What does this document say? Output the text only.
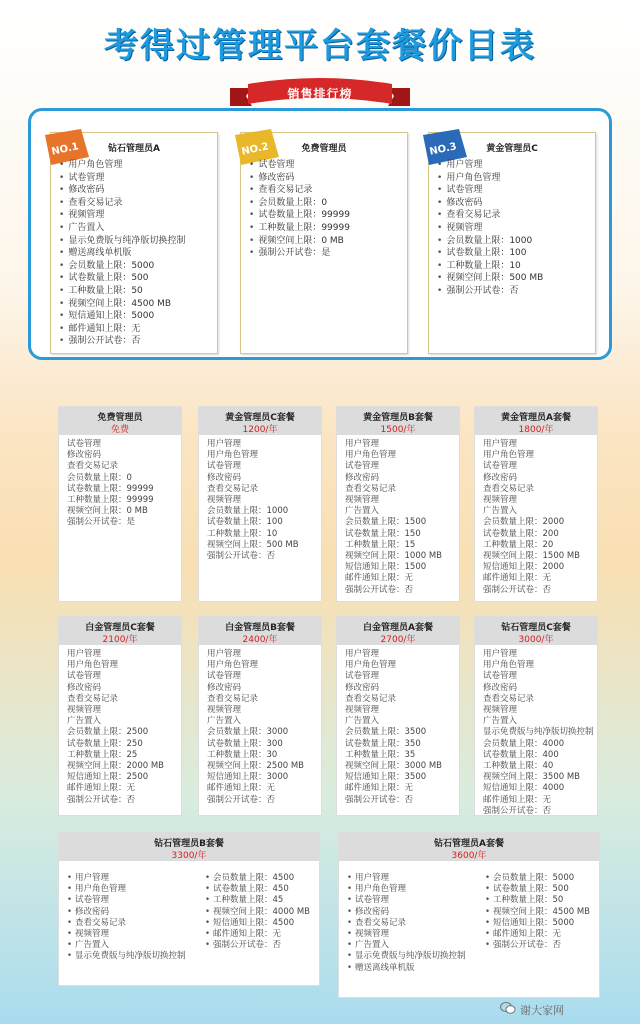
考得过管理平台套餐价目表
销售排行榜
NO.1	钻石管理员A
• 用户角色管理
• 试卷管理
• 修改密码
• 查看交易记录
• 视频管理
• 广告置入
• 显示免费版与纯净版切换控制
• 赠送离线单机版
• 会员数量上限：5000
• 试卷数量上限：500
• 工种数量上限：50
• 视频空间上限：4500 MB
• 短信通知上限：5000
• 邮件通知上限：无
• 强制公开试卷：否
NO.2	免费管理员
• 试卷管理
• 修改密码
• 查看交易记录
• 会员数量上限：0
• 试卷数量上限：99999
• 工种数量上限：99999
• 视频空间上限：0 MB
• 强制公开试卷：是
NO.3	黄金管理员C
• 用户管理
• 用户角色管理
• 试卷管理
• 修改密码
• 查看交易记录
• 视频管理
• 会员数量上限：1000
• 试卷数量上限：100
• 工种数量上限：10
• 视频空间上限：500 MB
• 强制公开试卷：否
免费管理员
免费
试卷管理
修改密码
查看交易记录
会员数量上限：0
试卷数量上限：99999
工种数量上限：99999
视频空间上限：0 MB
强制公开试卷：是
黄金管理员C套餐
1200/年
用户管理
用户角色管理
试卷管理
修改密码
查看交易记录
视频管理
会员数量上限：1000
试卷数量上限：100
工种数量上限：10
视频空间上限：500 MB
强制公开试卷：否
黄金管理员B套餐
1500/年
用户管理
用户角色管理
试卷管理
修改密码
查看交易记录
视频管理
广告置入
会员数量上限：1500
试卷数量上限：150
工种数量上限：15
视频空间上限：1000 MB
短信通知上限：1500
邮件通知上限：无
强制公开试卷：否
黄金管理员A套餐
1800/年
用户管理
用户角色管理
试卷管理
修改密码
查看交易记录
视频管理
广告置入
会员数量上限：2000
试卷数量上限：200
工种数量上限：20
视频空间上限：1500 MB
短信通知上限：2000
邮件通知上限：无
强制公开试卷：否
白金管理员C套餐
2100/年
用户管理
用户角色管理
试卷管理
修改密码
查看交易记录
视频管理
广告置入
会员数量上限：2500
试卷数量上限：250
工种数量上限：25
视频空间上限：2000 MB
短信通知上限：2500
邮件通知上限：无
强制公开试卷：否
白金管理员B套餐
2400/年
用户管理
用户角色管理
试卷管理
修改密码
查看交易记录
视频管理
广告置入
会员数量上限：3000
试卷数量上限：300
工种数量上限：30
视频空间上限：2500 MB
短信通知上限：3000
邮件通知上限：无
强制公开试卷：否
白金管理员A套餐
2700/年
用户管理
用户角色管理
试卷管理
修改密码
查看交易记录
视频管理
广告置入
会员数量上限：3500
试卷数量上限：350
工种数量上限：35
视频空间上限：3000 MB
短信通知上限：3500
邮件通知上限：无
强制公开试卷：否
钻石管理员C套餐
3000/年
用户管理
用户角色管理
试卷管理
修改密码
查看交易记录
视频管理
广告置入
显示免费版与纯净版切换控制
会员数量上限：4000
试卷数量上限：400
工种数量上限：40
视频空间上限：3500 MB
短信通知上限：4000
邮件通知上限：无
强制公开试卷：否
钻石管理员B套餐
3300/年
• 用户管理
• 用户角色管理
• 试卷管理
• 修改密码
• 查看交易记录
• 视频管理
• 广告置入
• 显示免费版与纯净版切换控制
• 会员数量上限：4500
• 试卷数量上限：450
• 工种数量上限：45
• 视频空间上限：4000 MB
• 短信通知上限：4500
• 邮件通知上限：无
• 强制公开试卷：否
钻石管理员A套餐
3600/年
• 用户管理
• 用户角色管理
• 试卷管理
• 修改密码
• 查看交易记录
• 视频管理
• 广告置入
• 显示免费版与纯净版切换控制
• 赠送离线单机版
• 会员数量上限：5000
• 试卷数量上限：500
• 工种数量上限：50
• 视频空间上限：4500 MB
• 短信通知上限：5000
• 邮件通知上限：无
• 强制公开试卷：否
谢大家网
